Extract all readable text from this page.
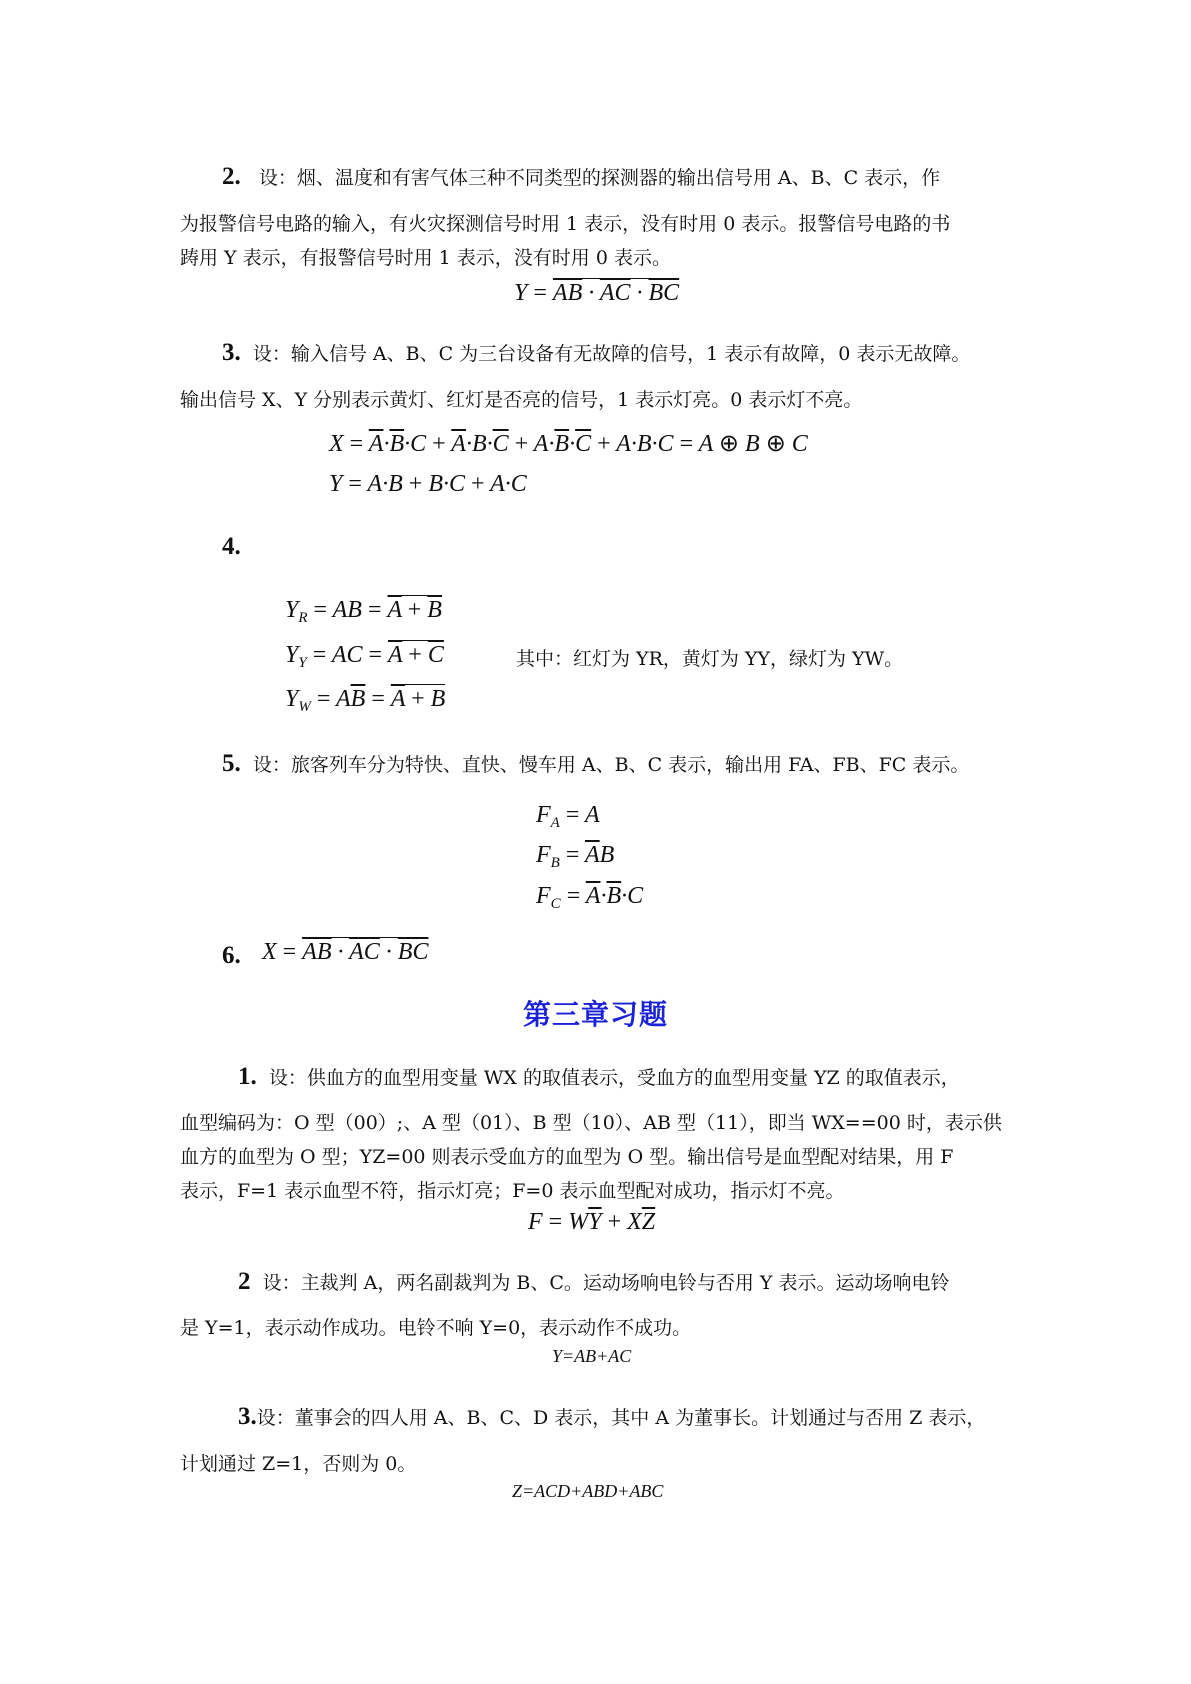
2. 设：烟、温度和有害气体三种不同类型的探测器的输出信号用 A、B、C 表示，作
为报警信号电路的输入，有火灾探测信号时用 1 表示，没有时用 0 表示。报警信号电路的书
踌用 Y 表示，有报警信号时用 1 表示，没有时用 0 表示。
$Y = \overline{AB} \cdot \overline{AC} \cdot \overline{BC}$
3. 设：输入信号 A、B、C 为三台设备有无故障的信号，1 表示有故障，0 表示无故障。
输出信号 X、Y 分别表示黄灯、红灯是否亮的信号，1 表示灯亮。0 表示灯不亮。
$X = \overline{A}\cdot\overline{B}\cdot C + \overline{A}\cdot B\cdot\overline{C} + A\cdot\overline{B}\cdot\overline{C} + A\cdot B\cdot C = A$ ⊕ B ⊕ C
Y = A·B + B·C + A·C
4.
$Y_R$ = AB = $\overline{A} + \overline{B}$
$Y_Y$ = AC = $\overline{A} + \overline{C}$
$Y_W = A\overline{B} = \overline{A} + B$
其中：红灯为 YR，黄灯为 YY，绿灯为 YW。
5. 设：旅客列车分为特快、直快、慢车用 A、B、C 表示，输出用 FA、FB、FC 表示。
$F_A = A$
$F_B = \overline{A}B$
$F_C = \overline{A}\cdot\overline{B}\cdot C$
6. $X = \overline{AB} \cdot \overline{AC} \cdot \overline{BC}$
第三章习题
1. 设：供血方的血型用变量 WX 的取值表示，受血方的血型用变量 YZ 的取值表示，
血型编码为：O 型（00）;、A 型（01）、B 型（10）、AB 型（11），即当 WX==00 时，表示供
血方的血型为 O 型；YZ=00 则表示受血方的血型为 O 型。输出信号是血型配对结果，用 F
表示，F=1 表示血型不符，指示灯亮；F=0 表示血型配对成功，指示灯不亮。
$F = W\overline{Y} + X\overline{Z}$
2 设：主裁判 A，两名副裁判为 B、C。运动场响电铃与否用 Y 表示。运动场响电铃
是 Y=1，表示动作成功。电铃不响 Y=0，表示动作不成功。
Y=AB+AC
3.设：董事会的四人用 A、B、C、D 表示，其中 A 为董事长。计划通过与否用 Z 表示，
计划通过 Z=1，否则为 0。
Z=ACD+ABD+ABC
